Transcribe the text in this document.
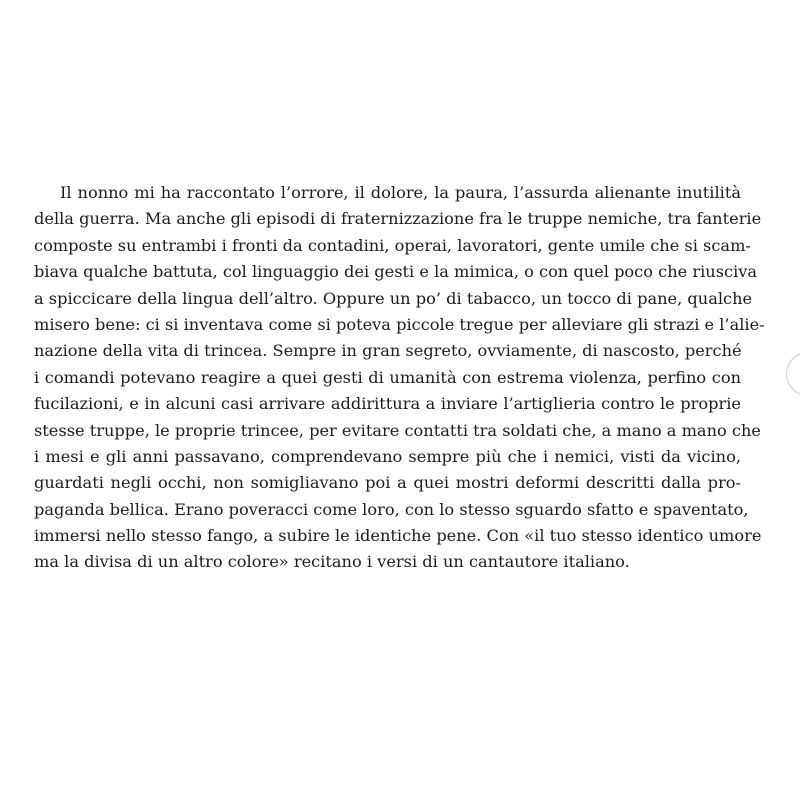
Il nonno mi ha raccontato l’orrore, il dolore, la paura, l’assurda alienante inutilità
della guerra. Ma anche gli episodi di fraternizzazione fra le truppe nemiche, tra fanterie
composte su entrambi i fronti da contadini, operai, lavoratori, gente umile che si scam-
biava qualche battuta, col linguaggio dei gesti e la mimica, o con quel poco che riusciva
a spiccicare della lingua dell’altro. Oppure un po’ di tabacco, un tocco di pane, qualche
misero bene: ci si inventava come si poteva piccole tregue per alleviare gli strazi e l’alie-
nazione della vita di trincea. Sempre in gran segreto, ovviamente, di nascosto, perché
i comandi potevano reagire a quei gesti di umanità con estrema violenza, perfino con
fucilazioni, e in alcuni casi arrivare addirittura a inviare l’artiglieria contro le proprie
stesse truppe, le proprie trincee, per evitare contatti tra soldati che, a mano a mano che
i mesi e gli anni passavano, comprendevano sempre più che i nemici, visti da vicino,
guardati negli occhi, non somigliavano poi a quei mostri deformi descritti dalla pro-
paganda bellica. Erano poveracci come loro, con lo stesso sguardo sfatto e spaventato,
immersi nello stesso fango, a subire le identiche pene. Con «il tuo stesso identico umore
ma la divisa di un altro colore» recitano i versi di un cantautore italiano.
